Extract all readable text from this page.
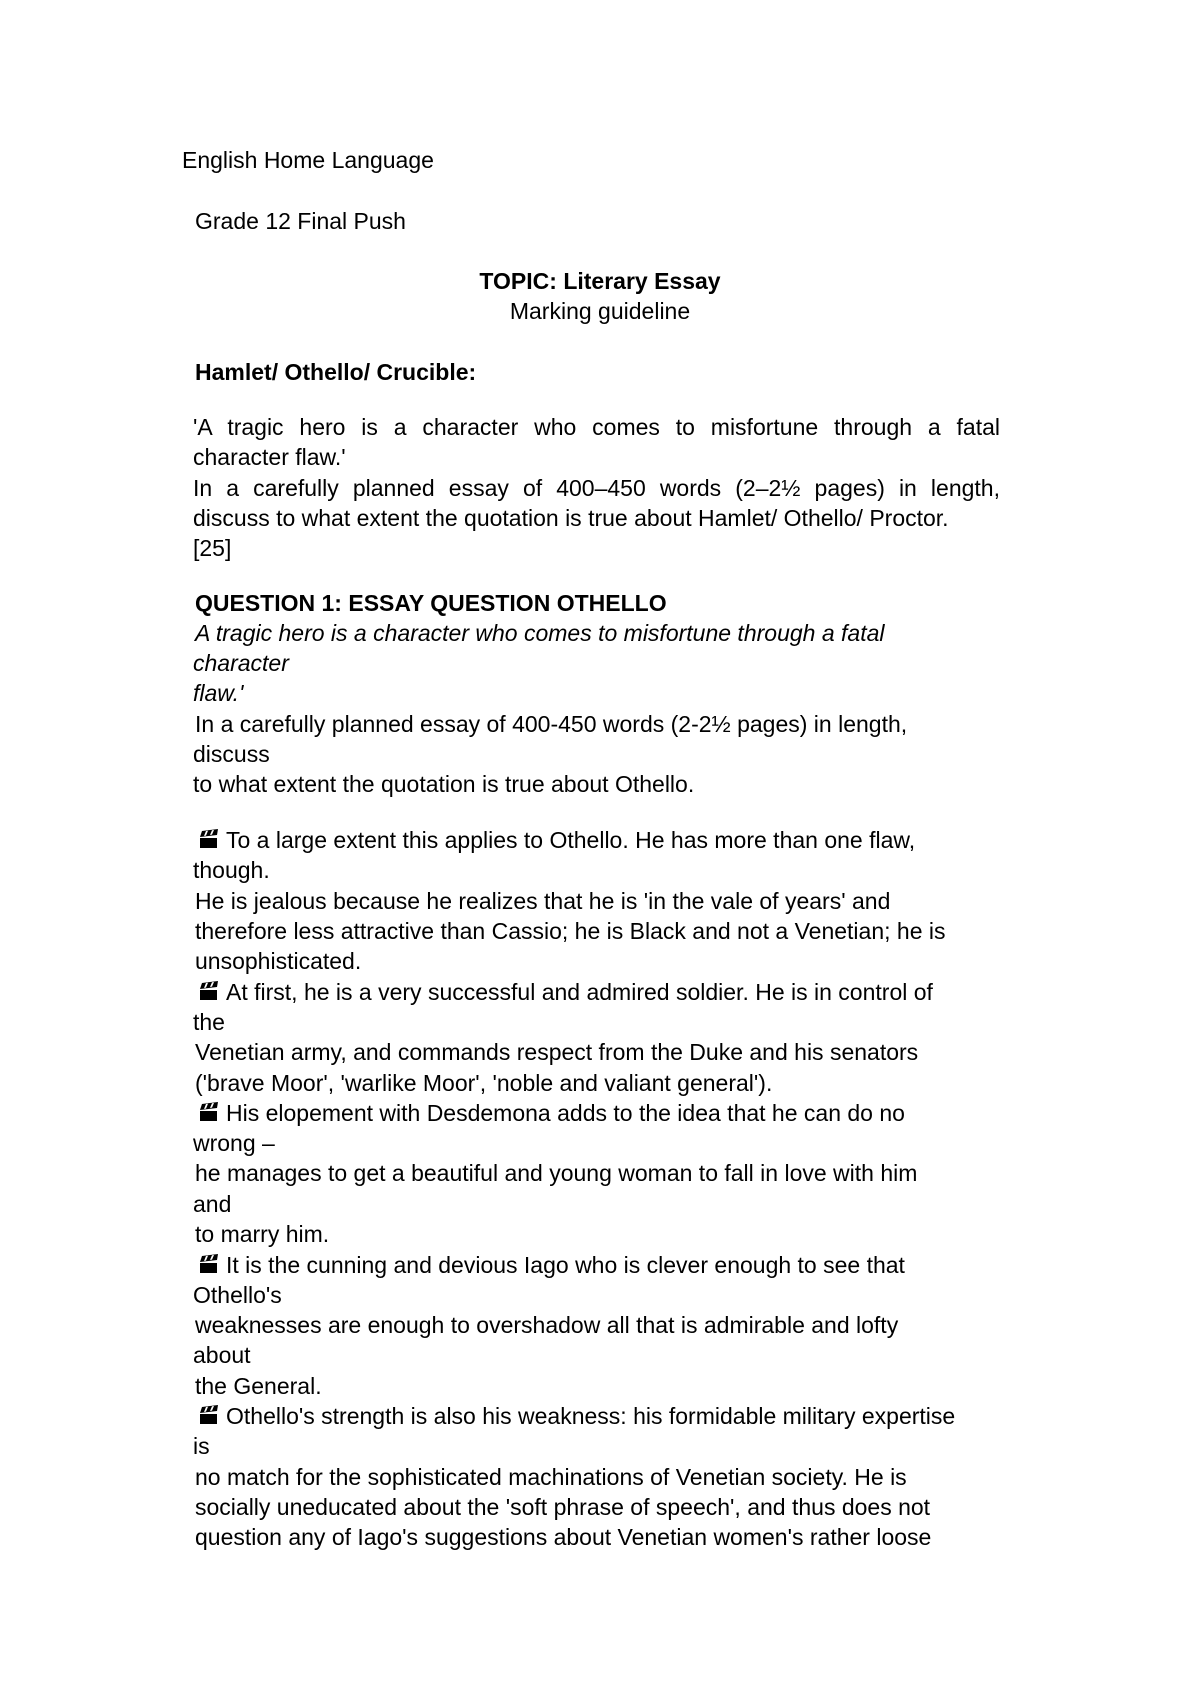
English Home Language

Grade 12 Final Push

TOPIC: Literary Essay

Marking guideline

Hamlet/ Othello/ Crucible:

'A tragic hero is a character who comes to misfortune through a fatal

character flaw.'

In a carefully planned essay of 400–450 words (2–2½ pages) in length,

discuss to what extent the quotation is true about Hamlet/ Othello/ Proctor.

[25]

QUESTION 1: ESSAY QUESTION OTHELLO

A tragic hero is a character who comes to misfortune through a fatal

character

flaw.'

In a carefully planned essay of 400-450 words (2-2½ pages) in length,

discuss

to what extent the quotation is true about Othello.

To a large extent this applies to Othello. He has more than one flaw,

though.

He is jealous because he realizes that he is 'in the vale of years' and

therefore less attractive than Cassio; he is Black and not a Venetian; he is

unsophisticated.

At first, he is a very successful and admired soldier. He is in control of

the

Venetian army, and commands respect from the Duke and his senators

('brave Moor', 'warlike Moor', 'noble and valiant general').

His elopement with Desdemona adds to the idea that he can do no

wrong –

he manages to get a beautiful and young woman to fall in love with him

and

to marry him.

It is the cunning and devious Iago who is clever enough to see that

Othello's

weaknesses are enough to overshadow all that is admirable and lofty

about

the General.

Othello's strength is also his weakness: his formidable military expertise

is

no match for the sophisticated machinations of Venetian society. He is

socially uneducated about the 'soft phrase of speech', and thus does not

question any of Iago's suggestions about Venetian women's rather loose
